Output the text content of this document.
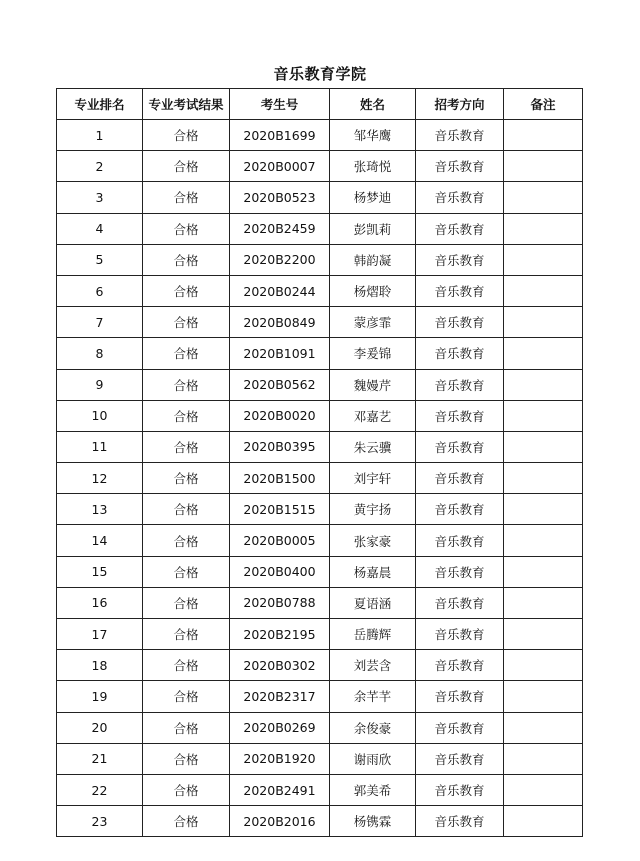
音乐教育学院
专业排名	专业考试结果	考生号	姓名	招考方向	备注
1	合格	2020B1699	邹华鹰	音乐教育	
2	合格	2020B0007	张琦悦	音乐教育	
3	合格	2020B0523	杨梦迪	音乐教育	
4	合格	2020B2459	彭凯莉	音乐教育	
5	合格	2020B2200	韩韵凝	音乐教育	
6	合格	2020B0244	杨熠聆	音乐教育	
7	合格	2020B0849	蒙彦霏	音乐教育	
8	合格	2020B1091	李爰锦	音乐教育	
9	合格	2020B0562	魏嫚芹	音乐教育	
10	合格	2020B0020	邓嘉艺	音乐教育	
11	合格	2020B0395	朱云骥	音乐教育	
12	合格	2020B1500	刘宇轩	音乐教育	
13	合格	2020B1515	黄宇扬	音乐教育	
14	合格	2020B0005	张家豪	音乐教育	
15	合格	2020B0400	杨嘉晨	音乐教育	
16	合格	2020B0788	夏语涵	音乐教育	
17	合格	2020B2195	岳腾辉	音乐教育	
18	合格	2020B0302	刘芸含	音乐教育	
19	合格	2020B2317	余芊芊	音乐教育	
20	合格	2020B0269	余俊豪	音乐教育	
21	合格	2020B1920	谢雨欣	音乐教育	
22	合格	2020B2491	郭美希	音乐教育	
23	合格	2020B2016	杨镌霖	音乐教育	
